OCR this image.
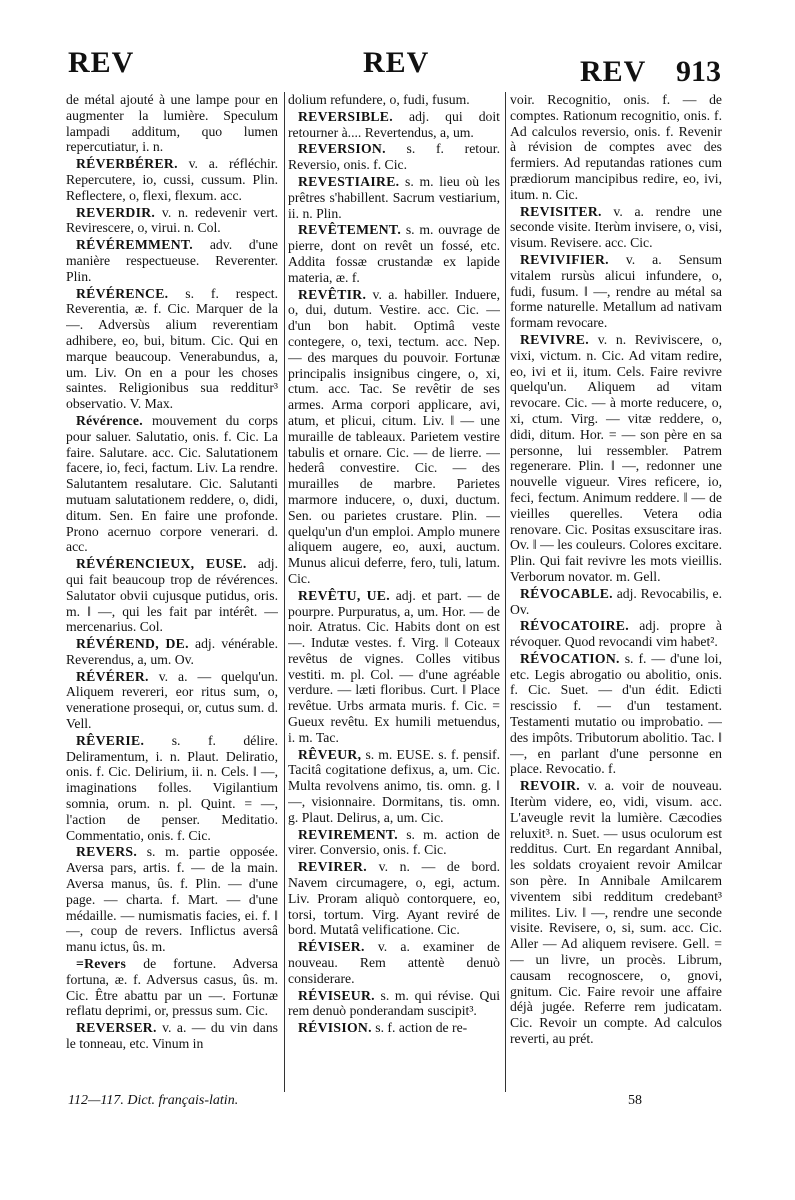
REV	REV	REV 913

de métal ajouté à une lampe pour en augmenter la lumière. Speculum lampadi additum, quo lumen repercutiatur, i. n.

RÉVERBÉRER. v. a. réfléchir. Repercutere, io, cussi, cussum. Plin. Reflectere, o, flexi, flexum. acc.

REVERDIR. v. n. redevenir vert. Revirescere, o, virui. n. Col.

RÉVÉREMMENT. adv. d'une manière respectueuse. Reverenter. Plin.

RÉVÉRENCE. s. f. respect. Reverentia, æ. f. Cic. Marquer de la —. Adversùs alium reverentiam adhibere, eo, bui, bitum. Cic. Qui en marque beaucoup. Venerabundus, a, um. Liv. On en a pour les choses saintes. Religionibus sua redditur³ observatio. V. Max.

Révérence. mouvement du corps pour saluer. Salutatio, onis. f. Cic. La faire. Salutare. acc. Cic. Salutationem facere, io, feci, factum. Liv. La rendre. Salutantem resalutare. Cic. Salutanti mutuam salutationem reddere, o, didi, ditum. Sen. En faire une profonde. Prono acernuo corpore venerari. d. acc.

RÉVÉRENCIEUX, EUSE. adj. qui fait beaucoup trop de révérences. Salutator obvii cujusque putidus, oris. m. ‖ —, qui les fait par intérêt. — mercenarius. Col.

RÉVÉREND, DE. adj. vénérable. Reverendus, a, um. Ov.

RÉVÉRER. v. a. — quelqu'un. Aliquem revereri, eor ritus sum, o, veneratione prosequi, or, cutus sum. d. Vell.

RÊVERIE. s. f. délire. Deliramentum, i. n. Plaut. Deliratio, onis. f. Cic. Delirium, ii. n. Cels. ‖ —, imaginations folles. Vigilantium somnia, orum. n. pl. Quint. = —, l'action de penser. Meditatio. Commentatio, onis. f. Cic.

REVERS. s. m. partie opposée. Aversa pars, artis. f. — de la main. Aversa manus, ûs. f. Plin. — d'une page. — charta. f. Mart. — d'une médaille. — numismatis facies, ei. f. ‖ —, coup de revers. Inflictus aversâ manu ictus, ûs. m.

=Revers de fortune. Adversa fortuna, æ. f. Adversus casus, ûs. m. Cic. Être abattu par un —. Fortunæ reflatu deprimi, or, pressus sum. Cic.

REVERSER. v. a. — du vin dans le tonneau, etc. Vinum in

dolium refundere, o, fudi, fusum.

REVERSIBLE. adj. qui doit retourner à.... Revertendus, a, um.

REVERSION. s. f. retour. Reversio, onis. f. Cic.

REVESTIAIRE. s. m. lieu où les prêtres s'habillent. Sacrum vestiarium, ii. n. Plin.

REVÊTEMENT. s. m. ouvrage de pierre, dont on revêt un fossé, etc. Addita fossæ crustandæ ex lapide materia, æ. f.

REVÊTIR. v. a. habiller. Induere, o, dui, dutum. Vestire. acc. Cic. — d'un bon habit. Optimâ veste contegere, o, texi, tectum. acc. Nep. — des marques du pouvoir. Fortunæ principalis insignibus cingere, o, xi, ctum. acc. Tac. Se revêtir de ses armes. Arma corpori applicare, avi, atum, et plicui, citum. Liv. ‖ — une muraille de tableaux. Parietem vestire tabulis et ornare. Cic. — de lierre. — hederâ convestire. Cic. — des murailles de marbre. Parietes marmore inducere, o, duxi, ductum. Sen. ou parietes crustare. Plin. — quelqu'un d'un emploi. Amplo munere aliquem augere, eo, auxi, auctum. Munus alicui deferre, fero, tuli, latum. Cic.

REVÊTU, UE. adj. et part. — de pourpre. Purpuratus, a, um. Hor. — de noir. Atratus. Cic. Habits dont on est —. Indutæ vestes. f. Virg. ‖ Coteaux revêtus de vignes. Colles vitibus vestiti. m. pl. Col. — d'une agréable verdure. — læti floribus. Curt. ‖ Place revêtue. Urbs armata muris. f. Cic. = Gueux revêtu. Ex humili metuendus, i. m. Tac.

RÊVEUR, s. m. EUSE. s. f. pensif. Tacitâ cogitatione defixus, a, um. Cic. Multa revolvens animo, tis. omn. g. ‖ —, visionnaire. Dormitans, tis. omn. g. Plaut. Delirus, a, um. Cic.

REVIREMENT. s. m. action de virer. Conversio, onis. f. Cic.

REVIRER. v. n. — de bord. Navem circumagere, o, egi, actum. Liv. Proram aliquò contorquere, eo, torsi, tortum. Virg. Ayant reviré de bord. Mutatâ velificatione. Cic.

RÉVISER. v. a. examiner de nouveau. Rem attentè denuò considerare.

RÉVISEUR. s. m. qui révise. Qui rem denuò ponderandam suscipit³.

RÉVISION. s. f. action de re-

voir. Recognitio, onis. f. — de comptes. Rationum recognitio, onis. f. Ad calculos reversio, onis. f. Revenir à révision de comptes avec des fermiers. Ad reputandas rationes cum prædiorum mancipibus redire, eo, ivi, itum. n. Cic.

REVISITER. v. a. rendre une seconde visite. Iterùm invisere, o, visi, visum. Revisere. acc. Cic.

REVIVIFIER. v. a. Sensum vitalem rursùs alicui infundere, o, fudi, fusum. ‖ —, rendre au métal sa forme naturelle. Metallum ad nativam formam revocare.

REVIVRE. v. n. Reviviscere, o, vixi, victum. n. Cic. Ad vitam redire, eo, ivi et ii, itum. Cels. Faire revivre quelqu'un. Aliquem ad vitam revocare. Cic. — à morte reducere, o, xi, ctum. Virg. — vitæ reddere, o, didi, ditum. Hor. = — son père en sa personne, lui ressembler. Patrem regenerare. Plin. ‖ —, redonner une nouvelle vigueur. Vires reficere, io, feci, fectum. Animum reddere. ‖ — de vieilles querelles. Vetera odia renovare. Cic. Positas exsuscitare iras. Ov. ‖ — les couleurs. Colores excitare. Plin. Qui fait revivre les mots vieillis. Verborum novator. m. Gell.

RÉVOCABLE. adj. Revocabilis, e. Ov.

RÉVOCATOIRE. adj. propre à révoquer. Quod revocandi vim habet².

RÉVOCATION. s. f. — d'une loi, etc. Legis abrogatio ou abolitio, onis. f. Cic. Suet. — d'un édit. Edicti rescissio f. — d'un testament. Testamenti mutatio ou improbatio. — des impôts. Tributorum abolitio. Tac. ‖ —, en parlant d'une personne en place. Revocatio. f.

REVOIR. v. a. voir de nouveau. Iterùm videre, eo, vidi, visum. acc. L'aveugle revit la lumière. Cæcodies reluxit³. n. Suet. — usus oculorum est redditus. Curt. En regardant Annibal, les soldats croyaient revoir Amilcar son père. In Annibale Amilcarem viventem sibi redditum credebant³ milites. Liv. ‖ —, rendre une seconde visite. Revisere, o, si, sum. acc. Cic. Aller — Ad aliquem revisere. Gell. = — un livre, un procès. Librum, causam recognoscere, o, gnovi, gnitum. Cic. Faire revoir une affaire déjà jugée. Referre rem judicatam. Cic. Revoir un compte. Ad calculos reverti, au prét.

112—117. Dict. français-latin.	58
